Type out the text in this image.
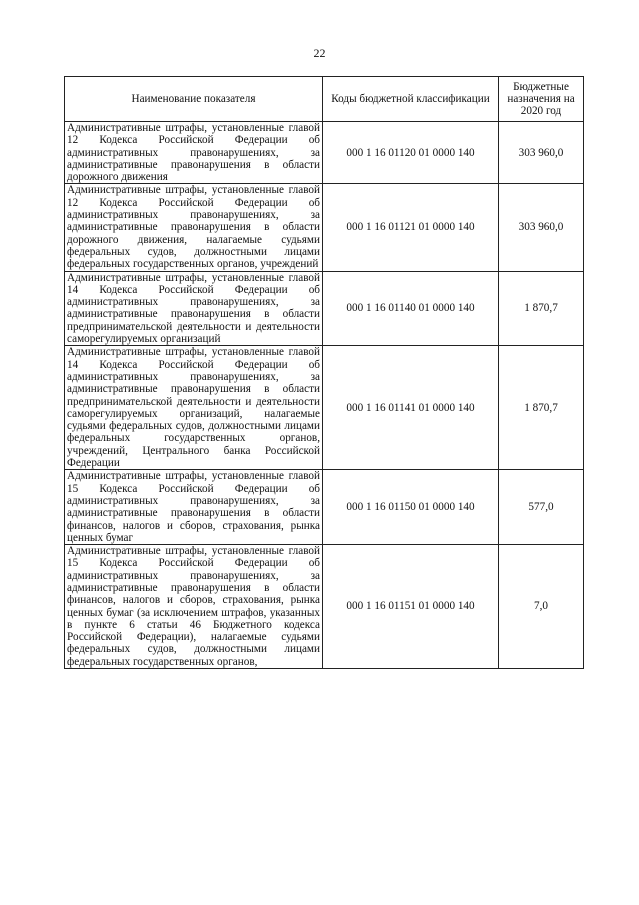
22
Наименование показателя	Коды бюджетной классификации	Бюджетные назначения на 2020 год
Административные штрафы, установленные главой 12 Кодекса Российской Федерации об административных правонарушениях, за административные правонарушения в области дорожного движения	000 1 16 01120 01 0000 140	303 960,0
Административные штрафы, установленные главой 12 Кодекса Российской Федерации об административных правонарушениях, за административные правонарушения в области дорожного движения, налагаемые судьями федеральных судов, должностными лицами федеральных государственных органов, учреждений	000 1 16 01121 01 0000 140	303 960,0
Административные штрафы, установленные главой 14 Кодекса Российской Федерации об административных правонарушениях, за административные правонарушения в области предпринимательской деятельности и деятельности саморегулируемых организаций	000 1 16 01140 01 0000 140	1 870,7
Административные штрафы, установленные главой 14 Кодекса Российской Федерации об административных правонарушениях, за административные правонарушения в области предпринимательской деятельности и деятельности саморегулируемых организаций, налагаемые судьями федеральных судов, должностными лицами федеральных государственных органов, учреждений, Центрального банка Российской Федерации	000 1 16 01141 01 0000 140	1 870,7
Административные штрафы, установленные главой 15 Кодекса Российской Федерации об административных правонарушениях, за административные правонарушения в области финансов, налогов и сборов, страхования, рынка ценных бумаг	000 1 16 01150 01 0000 140	577,0
Административные штрафы, установленные главой 15 Кодекса Российской Федерации об административных правонарушениях, за административные правонарушения в области финансов, налогов и сборов, страхования, рынка ценных бумаг (за исключением штрафов, указанных в пункте 6 статьи 46 Бюджетного кодекса Российской Федерации), налагаемые судьями федеральных судов, должностными лицами федеральных государственных органов,	000 1 16 01151 01 0000 140	7,0
